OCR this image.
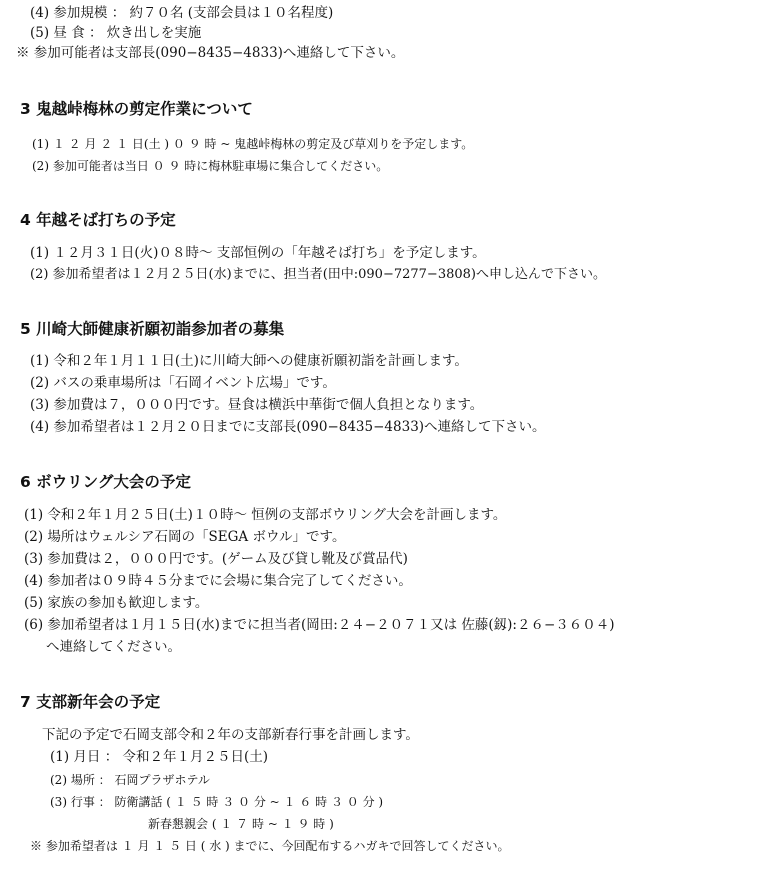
(4) 参加規模 ： 約７０名 (支部会員は１０名程度)
(5) 昼 食 ： 炊き出しを実施
※ 参加可能者は支部長(090−8435−4833)へ連絡して下さい。
3 鬼越峠梅林の剪定作業について
(1) １ ２ 月 ２ １ 日(土 ) ０ ９ 時 ~ 鬼越峠梅林の剪定及び草刈りを予定します。
(2) 参加可能者は当日 ０ ９ 時に梅林駐車場に集合してください。
4 年越そば打ちの予定
(1) １２月３１日(火)０８時〜 支部恒例の「年越そば打ち」を予定します。
(2) 参加希望者は１２月２５日(水)までに、担当者(田中:090−7277−3808)へ申し込んで下さい。
5 川崎大師健康祈願初詣参加者の募集
(1) 令和２年１月１１日(土)に川崎大師への健康祈願初詣を計画します。
(2) バスの乗車場所は「石岡イベント広場」です。
(3) 参加費は７，０００円です。昼食は横浜中華街で個人負担となります。
(4) 参加希望者は１２月２０日までに支部長(090−8435−4833)へ連絡して下さい。
6 ボウリング大会の予定
(1) 令和２年１月２５日(土)１０時〜 恒例の支部ボウリング大会を計画します。
(2) 場所はウェルシア石岡の「SEGA ボウル」です。
(3) 参加費は２，０００円です。(ゲーム及び貸し靴及び賞品代)
(4) 参加者は０９時４５分までに会場に集合完了してください。
(5) 家族の参加も歓迎します。
(6) 参加希望者は１月１５日(水)までに担当者(岡田:２４−２０７１又は 佐藤(釼):２６−３６０４)
へ連絡してください。
7 支部新年会の予定
下記の予定で石岡支部令和２年の支部新春行事を計画します。
(1) 月日 ： 令和２年１月２５日(土)
(2) 場所 ： 石岡プラザホテル
(3) 行事 ： 防衛講話 ( １ ５ 時 ３ ０ 分 ~ １ ６ 時 ３ ０ 分 )
新春懇親会 ( １ ７ 時 ~ １ ９ 時 )
※ 参加希望者は １ 月 １ ５ 日 ( 水 ) までに、今回配布するハガキで回答してください。
